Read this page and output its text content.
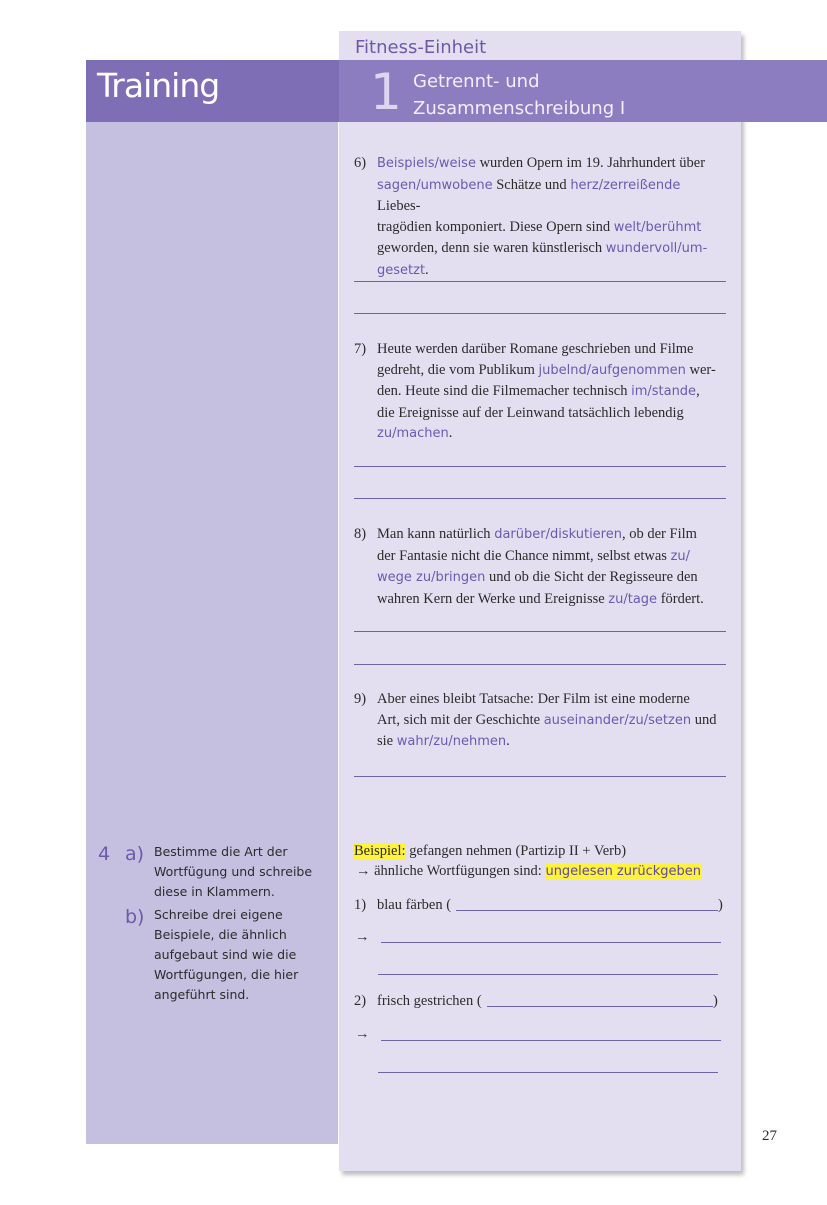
Training
Fitness-Einheit
1 Getrennt- und
Zusammenschreibung I
6) Beispiels/weise wurden Opern im 19. Jahrhundert über
sagen/umwobene Schätze und herz/zerreißende Liebes-
tragödien komponiert. Diese Opern sind welt/berühmt
geworden, denn sie waren künstlerisch wundervoll/um-
gesetzt.
7) Heute werden darüber Romane geschrieben und Filme
gedreht, die vom Publikum jubelnd/aufgenommen wer-
den. Heute sind die Filmemacher technisch im/stande,
die Ereignisse auf der Leinwand tatsächlich lebendig
zu/machen.
8) Man kann natürlich darüber/diskutieren, ob der Film
der Fantasie nicht die Chance nimmt, selbst etwas zu/
wege zu/bringen und ob die Sicht der Regisseure den
wahren Kern der Werke und Ereignisse zu/tage fördert.
9) Aber eines bleibt Tatsache: Der Film ist eine moderne
Art, sich mit der Geschichte auseinander/zu/setzen und
sie wahr/zu/nehmen.
4 a) Bestimme die Art der
Wortfügung und schreibe
diese in Klammern.
b) Schreibe drei eigene
Beispiele, die ähnlich
aufgebaut sind wie die
Wortfügungen, die hier
angeführt sind.
Beispiel: gefangen nehmen (Partizip II + Verb)
→ ähnliche Wortfügungen sind: ungelesen zurückgeben
1) blau färben (	)
→
2) frisch gestrichen (	)
→
27
